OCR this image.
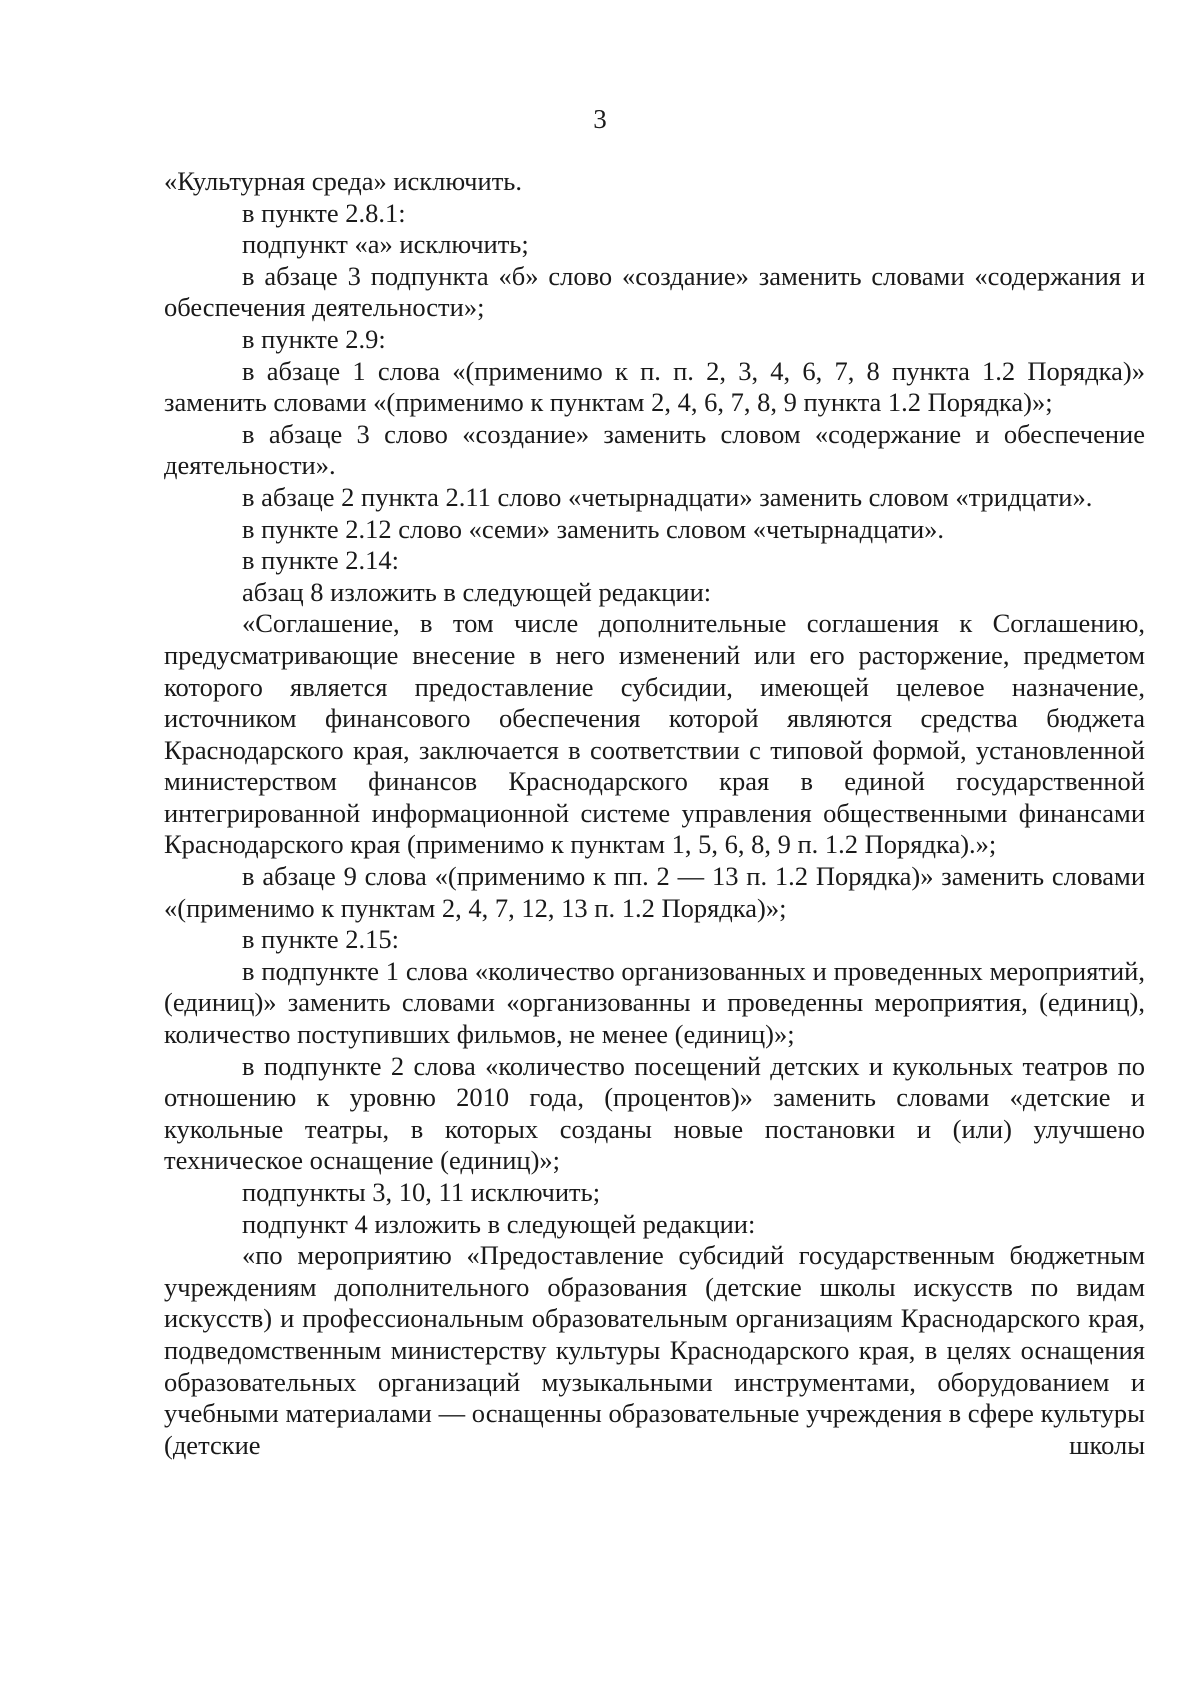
3

«Культурная среда» исключить.

в пункте 2.8.1:

подпункт «а» исключить;

в абзаце 3 подпункта «б» слово «создание» заменить словами «содержания и обеспечения деятельности»;

в пункте 2.9:

в абзаце 1 слова «(применимо к п. п. 2, 3, 4, 6, 7, 8 пункта 1.2 Порядка)» заменить словами «(применимо к пунктам 2, 4, 6, 7, 8, 9 пункта 1.2 Порядка)»;

в абзаце 3 слово «создание» заменить словом «содержание и обеспечение деятельности».

в абзаце 2 пункта 2.11 слово «четырнадцати» заменить словом «тридцати».

в пункте 2.12 слово «семи» заменить словом «четырнадцати».

в пункте 2.14:

абзац 8 изложить в следующей редакции:

«Соглашение, в том числе дополнительные соглашения к Соглашению, предусматривающие внесение в него изменений или его расторжение, предметом которого является предоставление субсидии, имеющей целевое назначение, источником финансового обеспечения которой являются средства бюджета Краснодарского края, заключается в соответствии с типовой формой, установленной министерством финансов Краснодарского края в единой государственной интегрированной информационной системе управления общественными финансами Краснодарского края (применимо к пунктам 1, 5, 6, 8, 9 п. 1.2 Порядка).»;

в абзаце 9 слова «(применимо к пп. 2 — 13 п. 1.2 Порядка)» заменить словами «(применимо к пунктам 2, 4, 7, 12, 13 п. 1.2 Порядка)»;

в пункте 2.15:

в подпункте 1 слова «количество организованных и проведенных мероприятий, (единиц)» заменить словами «организованны и проведенны мероприятия, (единиц), количество поступивших фильмов, не менее (единиц)»;

в подпункте 2 слова «количество посещений детских и кукольных театров по отношению к уровню 2010 года, (процентов)» заменить словами «детские и кукольные театры, в которых созданы новые постановки и (или) улучшено техническое оснащение (единиц)»;

подпункты 3, 10, 11 исключить;

подпункт 4 изложить в следующей редакции:

«по мероприятию «Предоставление субсидий государственным бюджетным учреждениям дополнительного образования (детские школы искусств по видам искусств) и профессиональным образовательным организациям Краснодарского края, подведомственным министерству культуры Краснодарского края, в целях оснащения образовательных организаций музыкальными инструментами, оборудованием и учебными материалами — оснащенны образовательные учреждения в сфере культуры (детские школы
